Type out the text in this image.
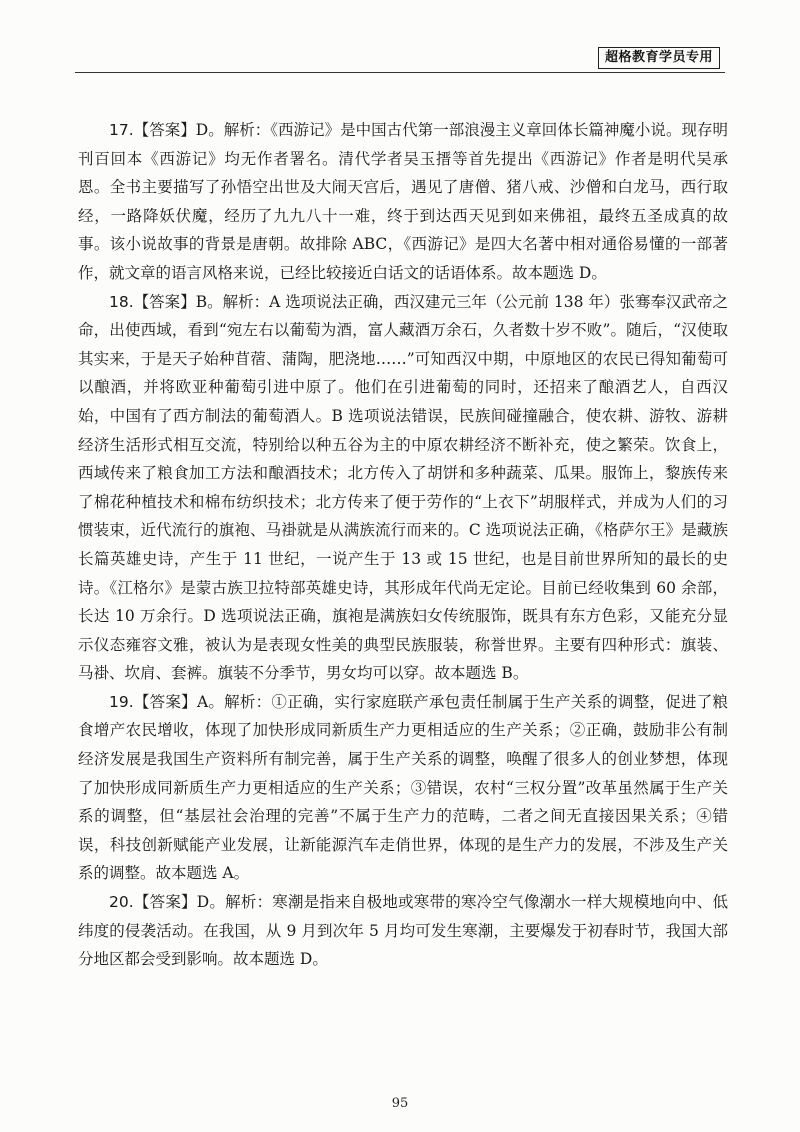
超格教育学员专用

17.【答案】D。解析：《西游记》是中国古代第一部浪漫主义章回体长篇神魔小说。现存明刊百回本《西游记》均无作者署名。清代学者吴玉搢等首先提出《西游记》作者是明代吴承恩。全书主要描写了孙悟空出世及大闹天宫后，遇见了唐僧、猪八戒、沙僧和白龙马，西行取经，一路降妖伏魔，经历了九九八十一难，终于到达西天见到如来佛祖，最终五圣成真的故事。该小说故事的背景是唐朝。故排除 ABC，《西游记》是四大名著中相对通俗易懂的一部著作，就文章的语言风格来说，已经比较接近白话文的话语体系。故本题选 D。

18.【答案】B。解析：A 选项说法正确，西汉建元三年（公元前 138 年）张骞奉汉武帝之命，出使西域，看到“宛左右以葡萄为酒，富人藏酒万余石，久者数十岁不败”。随后，“汉使取其实来，于是天子始种苜蓿、蒲陶，肥浇地……”可知西汉中期，中原地区的农民已得知葡萄可以酿酒，并将欧亚种葡萄引进中原了。他们在引进葡萄的同时，还招来了酿酒艺人，自西汉始，中国有了西方制法的葡萄酒人。B 选项说法错误，民族间碰撞融合，使农耕、游牧、游耕经济生活形式相互交流，特别给以种五谷为主的中原农耕经济不断补充，使之繁荣。饮食上，西域传来了粮食加工方法和酿酒技术；北方传入了胡饼和多种蔬菜、瓜果。服饰上，黎族传来了棉花种植技术和棉布纺织技术；北方传来了便于劳作的“上衣下”胡服样式，并成为人们的习惯装束，近代流行的旗袍、马褂就是从满族流行而来的。C 选项说法正确，《格萨尔王》是藏族长篇英雄史诗，产生于 11 世纪，一说产生于 13 或 15 世纪，也是目前世界所知的最长的史诗。《江格尔》是蒙古族卫拉特部英雄史诗，其形成年代尚无定论。目前已经收集到 60 余部，长达 10 万余行。D 选项说法正确，旗袍是满族妇女传统服饰，既具有东方色彩，又能充分显示仪态雍容文雅，被认为是表现女性美的典型民族服装，称誉世界。主要有四种形式：旗装、马褂、坎肩、套裤。旗装不分季节，男女均可以穿。故本题选 B。

19.【答案】A。解析：①正确，实行家庭联产承包责任制属于生产关系的调整，促进了粮食增产农民增收，体现了加快形成同新质生产力更相适应的生产关系；②正确，鼓励非公有制经济发展是我国生产资料所有制完善，属于生产关系的调整，唤醒了很多人的创业梦想，体现了加快形成同新质生产力更相适应的生产关系；③错误，农村“三权分置”改革虽然属于生产关系的调整，但“基层社会治理的完善”不属于生产力的范畴，二者之间无直接因果关系；④错误，科技创新赋能产业发展，让新能源汽车走俏世界，体现的是生产力的发展，不涉及生产关系的调整。故本题选 A。

20.【答案】D。解析：寒潮是指来自极地或寒带的寒冷空气像潮水一样大规模地向中、低纬度的侵袭活动。在我国，从 9 月到次年 5 月均可发生寒潮，主要爆发于初春时节，我国大部分地区都会受到影响。故本题选 D。

95
